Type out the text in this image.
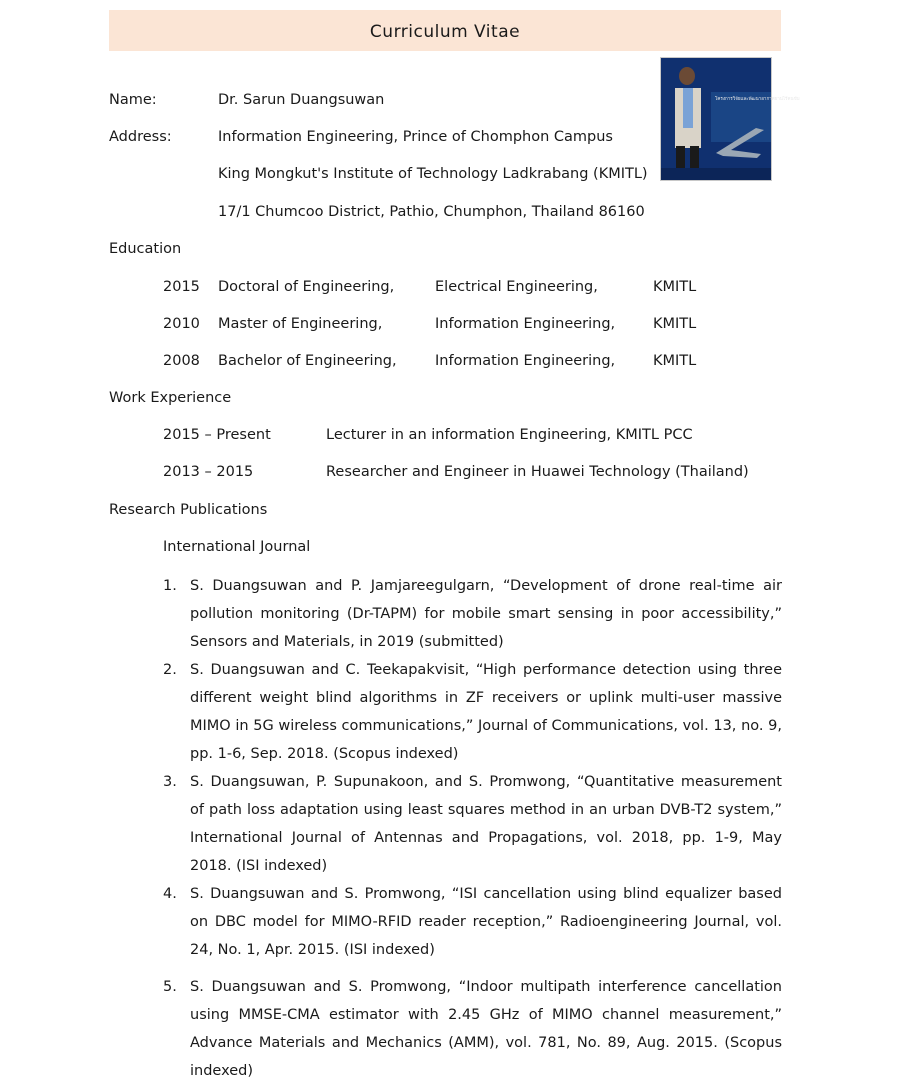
Curriculum Vitae
โครงการวิจัยและพัฒนาอากาศยานไร้คนขับ
Name:	Dr. Sarun Duangsuwan
Address:	Information Engineering, Prince of Chomphon Campus
King Mongkut's Institute of Technology Ladkrabang (KMITL)
17/1 Chumcoo District, Pathio, Chumphon, Thailand 86160
Education
2015 Doctoral of Engineering,	Electrical Engineering,	KMITL
2010 Master of Engineering,	Information Engineering,	KMITL
2008 Bachelor of Engineering,	Information Engineering,	KMITL
Work Experience
2015 – Present	Lecturer in an information Engineering, KMITL PCC
2013 – 2015	Researcher and Engineer in Huawei Technology (Thailand)
Research Publications
International Journal
1. S. Duangsuwan and P. Jamjareegulgarn, “Development of drone real-time air pollution monitoring (Dr-TAPM) for mobile smart sensing in poor accessibility,” Sensors and Materials, in 2019 (submitted)
2. S. Duangsuwan and C. Teekapakvisit, “High performance detection using three different weight blind algorithms in ZF receivers or uplink multi-user massive MIMO in 5G wireless communications,” Journal of Communications, vol. 13, no. 9, pp. 1-6, Sep. 2018. (Scopus indexed)
3. S. Duangsuwan, P. Supunakoon, and S. Promwong, “Quantitative measurement of path loss adaptation using least squares method in an urban DVB-T2 system,” International Journal of Antennas and Propagations, vol. 2018, pp. 1-9, May 2018. (ISI indexed)
4. S. Duangsuwan and S. Promwong, “ISI cancellation using blind equalizer based on DBC model for MIMO-RFID reader reception,” Radioengineering Journal, vol. 24, No. 1, Apr. 2015. (ISI indexed)
5. S. Duangsuwan and S. Promwong, “Indoor multipath interference cancellation using MMSE-CMA estimator with 2.45 GHz of MIMO channel measurement,” Advance Materials and Mechanics (AMM), vol. 781, No. 89, Aug. 2015. (Scopus indexed)
